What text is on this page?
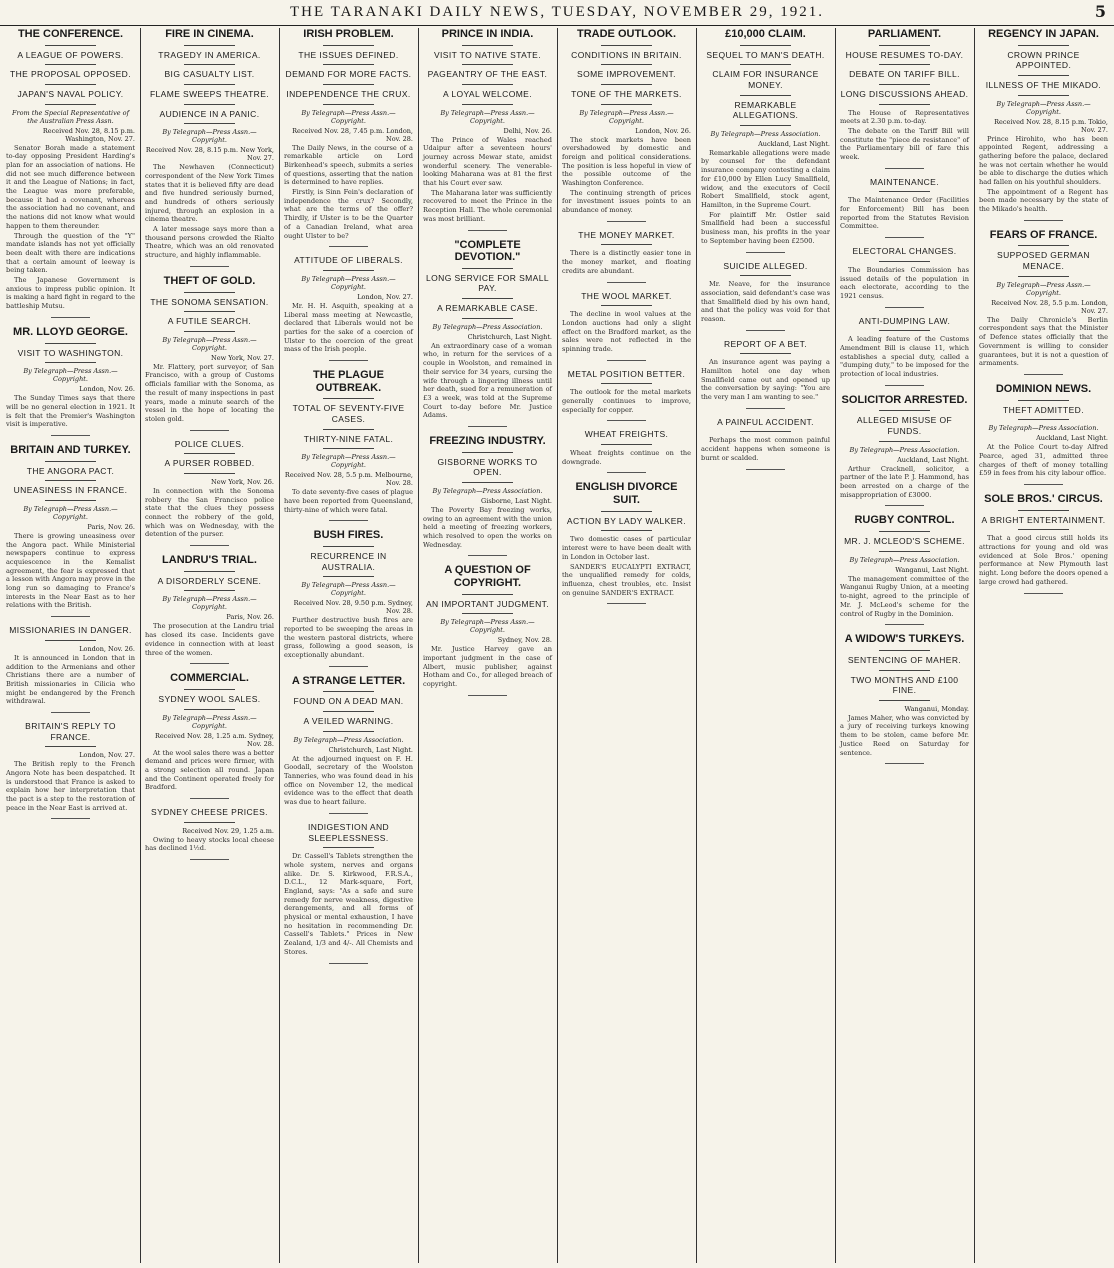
THE TARANAKI DAILY NEWS, TUESDAY, NOVEMBER 29, 1921.	5
THE CONFERENCE.
A LEAGUE OF POWERS.
THE PROPOSAL OPPOSED.
JAPAN'S NAVAL POLICY.
From the Special Representative of the Australian Press Assn.
Received Nov. 28, 8.15 p.m. Washington, Nov. 27.
Senator Borah made a statement to-day opposing President Harding's plan for an association of nations. He did not see much difference between it and the League of Nations; in fact, the League was more preferable, because it had a covenant, whereas the association had no covenant, and the nations did not know what would happen to them thereunder.
Through the question of the "Y" mandate islands has not yet officially been dealt with there are indications that a certain amount of leeway is being taken.
The Japanese Government is anxious to impress public opinion. It is making a hard fight in regard to the battleship Mutsu.
MR. LLOYD GEORGE.
VISIT TO WASHINGTON.
By Telegraph—Press Assn.—Copyright.
London, Nov. 26.
The Sunday Times says that there will be no general election in 1921. It is felt that the Premier's Washington visit is imperative.
BRITAIN AND TURKEY.
THE ANGORA PACT.
UNEASINESS IN FRANCE.
By Telegraph—Press Assn.—Copyright.
Paris, Nov. 26.
There is growing uneasiness over the Angora pact. While Ministerial newspapers continue to express acquiescence in the Kemalist agreement, the fear is expressed that a lesson with Angora may prove in the long run so damaging to France's interests in the Near East as to her relations with the British.
MISSIONARIES IN DANGER.
London, Nov. 26.
It is announced in London that in addition to the Armenians and other Christians there are a number of British missionaries in Cilicia who might be endangered by the French withdrawal.
BRITAIN'S REPLY TO FRANCE.
London, Nov. 27.
The British reply to the French Angora Note has been despatched. It is understood that France is asked to explain how her interpretation that the pact is a step to the restoration of peace in the Near East is arrived at.
FIRE IN CINEMA.
TRAGEDY IN AMERICA.
BIG CASUALTY LIST.
FLAME SWEEPS THEATRE.
AUDIENCE IN A PANIC.
By Telegraph—Press Assn.—Copyright.
Received Nov. 28, 8.15 p.m. New York, Nov. 27.
The Newhaven (Connecticut) correspondent of the New York Times states that it is believed fifty are dead and five hundred seriously burned, and hundreds of others seriously injured, through an explosion in a cinema theatre.
A later message says more than a thousand persons crowded the Rialto Theatre, which was an old renovated structure, and highly inflammable.
THEFT OF GOLD.
THE SONOMA SENSATION.
A FUTILE SEARCH.
By Telegraph—Press Assn.—Copyright.
New York, Nov. 27.
Mr. Flattery, port surveyor, of San Francisco, with a group of Customs officials familiar with the Sonoma, as the result of many inspections in past years, made a minute search of the vessel in the hope of locating the stolen gold.
POLICE CLUES.
A PURSER ROBBED.
New York, Nov. 26.
In connection with the Sonoma robbery the San Francisco police state that the clues they possess connect the robbery of the gold, which was on Wednesday, with the detention of the purser.
LANDRU'S TRIAL.
A DISORDERLY SCENE.
By Telegraph—Press Assn.—Copyright.
Paris, Nov. 26.
The prosecution at the Landru trial has closed its case. Incidents gave evidence in connection with at least three of the women.
COMMERCIAL.
SYDNEY WOOL SALES.
By Telegraph—Press Assn.—Copyright.
Received Nov. 28, 1.25 a.m. Sydney, Nov. 28.
At the wool sales there was a better demand and prices were firmer, with a strong selection all round. Japan and the Continent operated freely for Bradford.
SYDNEY CHEESE PRICES.
Received Nov. 29, 1.25 a.m.
Owing to heavy stocks local cheese has declined 1½d.
IRISH PROBLEM.
THE ISSUES DEFINED.
DEMAND FOR MORE FACTS.
INDEPENDENCE THE CRUX.
By Telegraph—Press Assn.—Copyright.
Received Nov. 28, 7.45 p.m. London, Nov. 28.
The Daily News, in the course of a remarkable article on Lord Birkenhead's speech, submits a series of questions, asserting that the nation is determined to have replies.
Firstly, is Sinn Fein's declaration of independence the crux? Secondly, what are the terms of the offer? Thirdly, if Ulster is to be the Quarter of a Canadian Ireland, what area ought Ulster to be?
ATTITUDE OF LIBERALS.
By Telegraph—Press Assn.—Copyright.
London, Nov. 27.
Mr. H. H. Asquith, speaking at a Liberal mass meeting at Newcastle, declared that Liberals would not be parties for the sake of a coercion of Ulster to the coercion of the great mass of the Irish people.
THE PLAGUE OUTBREAK.
TOTAL OF SEVENTY-FIVE CASES.
THIRTY-NINE FATAL.
By Telegraph—Press Assn.—Copyright.
Received Nov. 28, 5.5 p.m. Melbourne, Nov. 28.
To date seventy-five cases of plague have been reported from Queensland, thirty-nine of which were fatal.
BUSH FIRES.
RECURRENCE IN AUSTRALIA.
By Telegraph—Press Assn.—Copyright.
Received Nov. 28, 9.50 p.m. Sydney, Nov. 28.
Further destructive bush fires are reported to be sweeping the areas in the western pastoral districts, where grass, following a good season, is exceptionally abundant.
A STRANGE LETTER.
FOUND ON A DEAD MAN.
A VEILED WARNING.
By Telegraph—Press Association.
Christchurch, Last Night.
At the adjourned inquest on F. H. Goodall, secretary of the Woolston Tanneries, who was found dead in his office on November 12, the medical evidence was to the effect that death was due to heart failure.
INDIGESTION AND SLEEPLESSNESS.
Dr. Cassell's Tablets strengthen the whole system, nerves and organs alike. Dr. S. Kirkwood, F.R.S.A., D.C.L., 12 Mark-square, Fort, England, says: "As a safe and sure remedy for nerve weakness, digestive derangements, and all forms of physical or mental exhaustion, I have no hesitation in recommending Dr. Cassell's Tablets." Prices in New Zealand, 1/3 and 4/-. All Chemists and Stores.
PRINCE IN INDIA.
VISIT TO NATIVE STATE.
PAGEANTRY OF THE EAST.
A LOYAL WELCOME.
By Telegraph—Press Assn.—Copyright.
Delhi, Nov. 26.
The Prince of Wales reached Udaipur after a seventeen hours' journey across Mewar state, amidst wonderful scenery. The venerable-looking Maharana was at 81 the first that his Court ever saw.
The Maharana later was sufficiently recovered to meet the Prince in the Reception Hall. The whole ceremonial was most brilliant.
"COMPLETE DEVOTION."
LONG SERVICE FOR SMALL PAY.
A REMARKABLE CASE.
By Telegraph—Press Association.
Christchurch, Last Night.
An extraordinary case of a woman who, in return for the services of a couple in Woolston, and remained in their service for 34 years, cursing the wife through a lingering illness until her death, sued for a remuneration of £3 a week, was told at the Supreme Court to-day before Mr. Justice Adams.
FREEZING INDUSTRY.
GISBORNE WORKS TO OPEN.
By Telegraph—Press Association.
Gisborne, Last Night.
The Poverty Bay freezing works, owing to an agreement with the union held a meeting of freezing workers, which resolved to open the works on Wednesday.
A QUESTION OF COPYRIGHT.
AN IMPORTANT JUDGMENT.
By Telegraph—Press Assn.—Copyright.
Sydney, Nov. 28.
Mr. Justice Harvey gave an important judgment in the case of Albert, music publisher, against Hotham and Co., for alleged breach of copyright.
TRADE OUTLOOK.
CONDITIONS IN BRITAIN.
SOME IMPROVEMENT.
TONE OF THE MARKETS.
By Telegraph—Press Assn.—Copyright.
London, Nov. 26.
The stock markets have been overshadowed by domestic and foreign and political considerations. The position is less hopeful in view of the possible outcome of the Washington Conference.
The continuing strength of prices for investment issues points to an abundance of money.
THE MONEY MARKET.
There is a distinctly easier tone in the money market, and floating credits are abundant.
THE WOOL MARKET.
The decline in wool values at the London auctions had only a slight effect on the Bradford market, as the sales were not reflected in the spinning trade.
METAL POSITION BETTER.
The outlook for the metal markets generally continues to improve, especially for copper.
WHEAT FREIGHTS.
Wheat freights continue on the downgrade.
ENGLISH DIVORCE SUIT.
ACTION BY LADY WALKER.
Two domestic cases of particular interest were to have been dealt with in London in October last.
SANDER'S EUCALYPTI EXTRACT, the unqualified remedy for colds, influenza, chest troubles, etc. Insist on genuine SANDER'S EXTRACT.
£10,000 CLAIM.
SEQUEL TO MAN'S DEATH.
CLAIM FOR INSURANCE MONEY.
REMARKABLE ALLEGATIONS.
By Telegraph—Press Association.
Auckland, Last Night.
Remarkable allegations were made by counsel for the defendant insurance company contesting a claim for £10,000 by Ellen Lucy Smallfield, widow, and the executors of Cecil Robert Smallfield, stock agent, Hamilton, in the Supreme Court.
For plaintiff Mr. Ostler said Smallfield had been a successful business man, his profits in the year to September having been £2500.
SUICIDE ALLEGED.
Mr. Neave, for the insurance association, said defendant's case was that Smallfield died by his own hand, and that the policy was void for that reason.
REPORT OF A BET.
An insurance agent was paying a Hamilton hotel one day when Smallfield came out and opened up the conversation by saying: "You are the very man I am wanting to see."
A PAINFUL ACCIDENT.
Perhaps the most common painful accident happens when someone is burnt or scalded.
PARLIAMENT.
HOUSE RESUMES TO-DAY.
DEBATE ON TARIFF BILL.
LONG DISCUSSIONS AHEAD.
The House of Representatives meets at 2.30 p.m. to-day.
The debate on the Tariff Bill will constitute the "piece de resistance" of the Parliamentary bill of fare this week.
MAINTENANCE.
The Maintenance Order (Facilities for Enforcement) Bill has been reported from the Statutes Revision Committee.
ELECTORAL CHANGES.
The Boundaries Commission has issued details of the population in each electorate, according to the 1921 census.
ANTI-DUMPING LAW.
A leading feature of the Customs Amendment Bill is clause 11, which establishes a special duty, called a "dumping duty," to be imposed for the protection of local industries.
SOLICITOR ARRESTED.
ALLEGED MISUSE OF FUNDS.
By Telegraph—Press Association.
Auckland, Last Night.
Arthur Cracknell, solicitor, a partner of the late P. J. Hammond, has been arrested on a charge of the misappropriation of £3000.
RUGBY CONTROL.
MR. J. MCLEOD'S SCHEME.
By Telegraph—Press Association.
Wanganui, Last Night.
The management committee of the Wanganui Rugby Union, at a meeting to-night, agreed to the principle of Mr. J. McLeod's scheme for the control of Rugby in the Dominion.
A WIDOW'S TURKEYS.
SENTENCING OF MAHER.
TWO MONTHS AND £100 FINE.
Wanganui, Monday.
James Maher, who was convicted by a jury of receiving turkeys knowing them to be stolen, came before Mr. Justice Reed on Saturday for sentence.
REGENCY IN JAPAN.
CROWN PRINCE APPOINTED.
ILLNESS OF THE MIKADO.
By Telegraph—Press Assn.—Copyright.
Received Nov. 28, 8.15 p.m. Tokio, Nov. 27.
Prince Hirohito, who has been appointed Regent, addressing a gathering before the palace, declared he was not certain whether he would be able to discharge the duties which had fallen on his youthful shoulders.
The appointment of a Regent has been made necessary by the state of the Mikado's health.
FEARS OF FRANCE.
SUPPOSED GERMAN MENACE.
By Telegraph—Press Assn.—Copyright.
Received Nov. 28, 5.5 p.m. London, Nov. 27.
The Daily Chronicle's Berlin correspondent says that the Minister of Defence states officially that the Government is willing to consider guarantees, but it is not a question of armaments.
DOMINION NEWS.
THEFT ADMITTED.
By Telegraph—Press Association.
Auckland, Last Night.
At the Police Court to-day Alfred Pearce, aged 31, admitted three charges of theft of money totalling £59 in fees from his city labour office.
SOLE BROS.' CIRCUS.
A BRIGHT ENTERTAINMENT.
That a good circus still holds its attractions for young and old was evidenced at Sole Bros.' opening performance at New Plymouth last night. Long before the doors opened a large crowd had gathered.
